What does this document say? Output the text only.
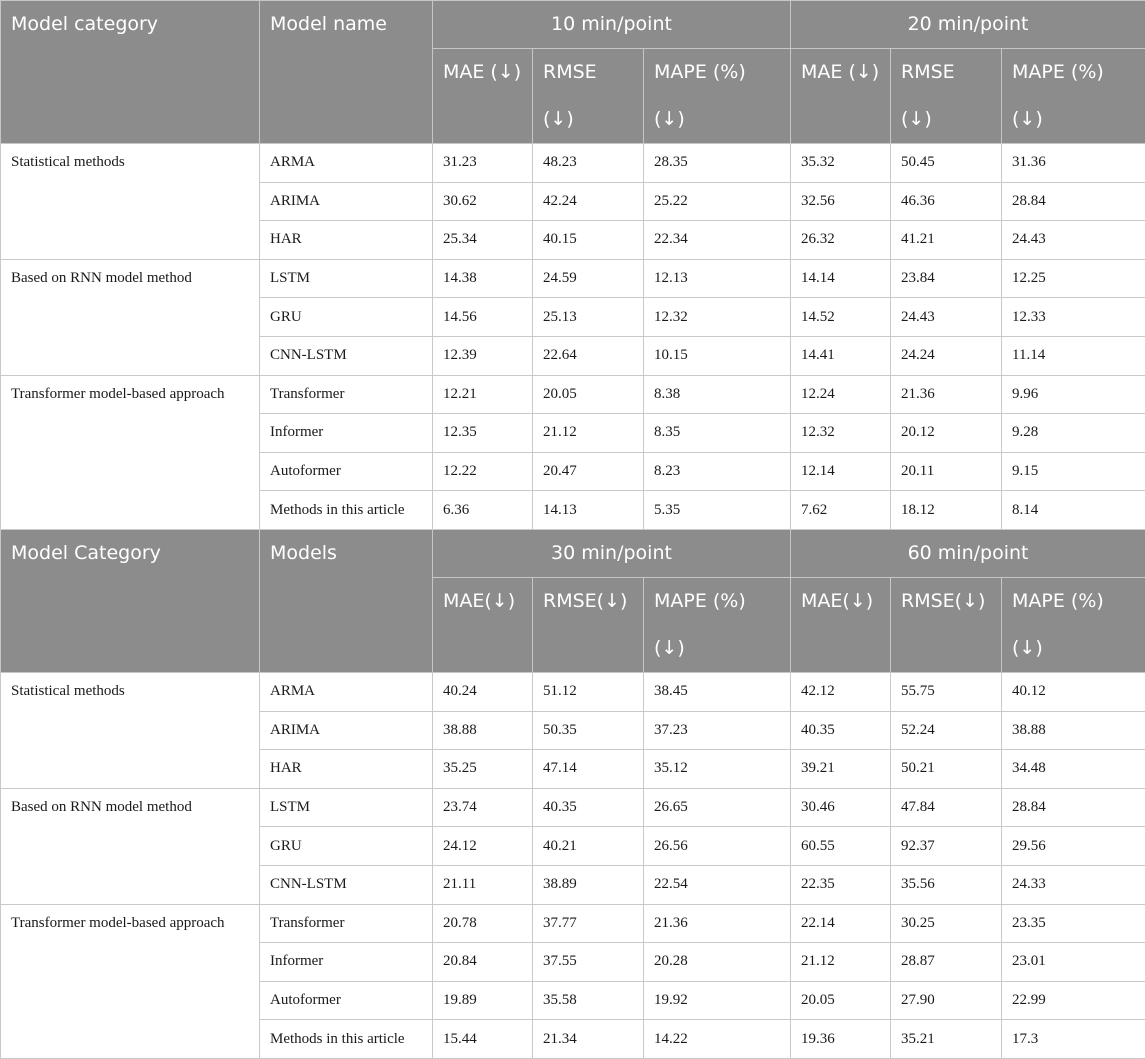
Model category	Model name	10 min/point			20 min/point		
		MAE (↓)	RMSE (↓)	MAPE (%) (↓)	MAE (↓)	RMSE (↓)	MAPE (%) (↓)
Statistical methods	ARMA	31.23	48.23	28.35	35.32	50.45	31.36
	ARIMA	30.62	42.24	25.22	32.56	46.36	28.84
	HAR	25.34	40.15	22.34	26.32	41.21	24.43
Based on RNN model method	LSTM	14.38	24.59	12.13	14.14	23.84	12.25
	GRU	14.56	25.13	12.32	14.52	24.43	12.33
	CNN-LSTM	12.39	22.64	10.15	14.41	24.24	11.14
Transformer model-based approach	Transformer	12.21	20.05	8.38	12.24	21.36	9.96
	Informer	12.35	21.12	8.35	12.32	20.12	9.28
	Autoformer	12.22	20.47	8.23	12.14	20.11	9.15
	Methods in this article	6.36	14.13	5.35	7.62	18.12	8.14
Model Category	Models	30 min/point			60 min/point		
		MAE(↓)	RMSE(↓)	MAPE (%) (↓)	MAE(↓)	RMSE(↓)	MAPE (%) (↓)
Statistical methods	ARMA	40.24	51.12	38.45	42.12	55.75	40.12
	ARIMA	38.88	50.35	37.23	40.35	52.24	38.88
	HAR	35.25	47.14	35.12	39.21	50.21	34.48
Based on RNN model method	LSTM	23.74	40.35	26.65	30.46	47.84	28.84
	GRU	24.12	40.21	26.56	60.55	92.37	29.56
	CNN-LSTM	21.11	38.89	22.54	22.35	35.56	24.33
Transformer model-based approach	Transformer	20.78	37.77	21.36	22.14	30.25	23.35
	Informer	20.84	37.55	20.28	21.12	28.87	23.01
	Autoformer	19.89	35.58	19.92	20.05	27.90	22.99
	Methods in this article	15.44	21.34	14.22	19.36	35.21	17.3
